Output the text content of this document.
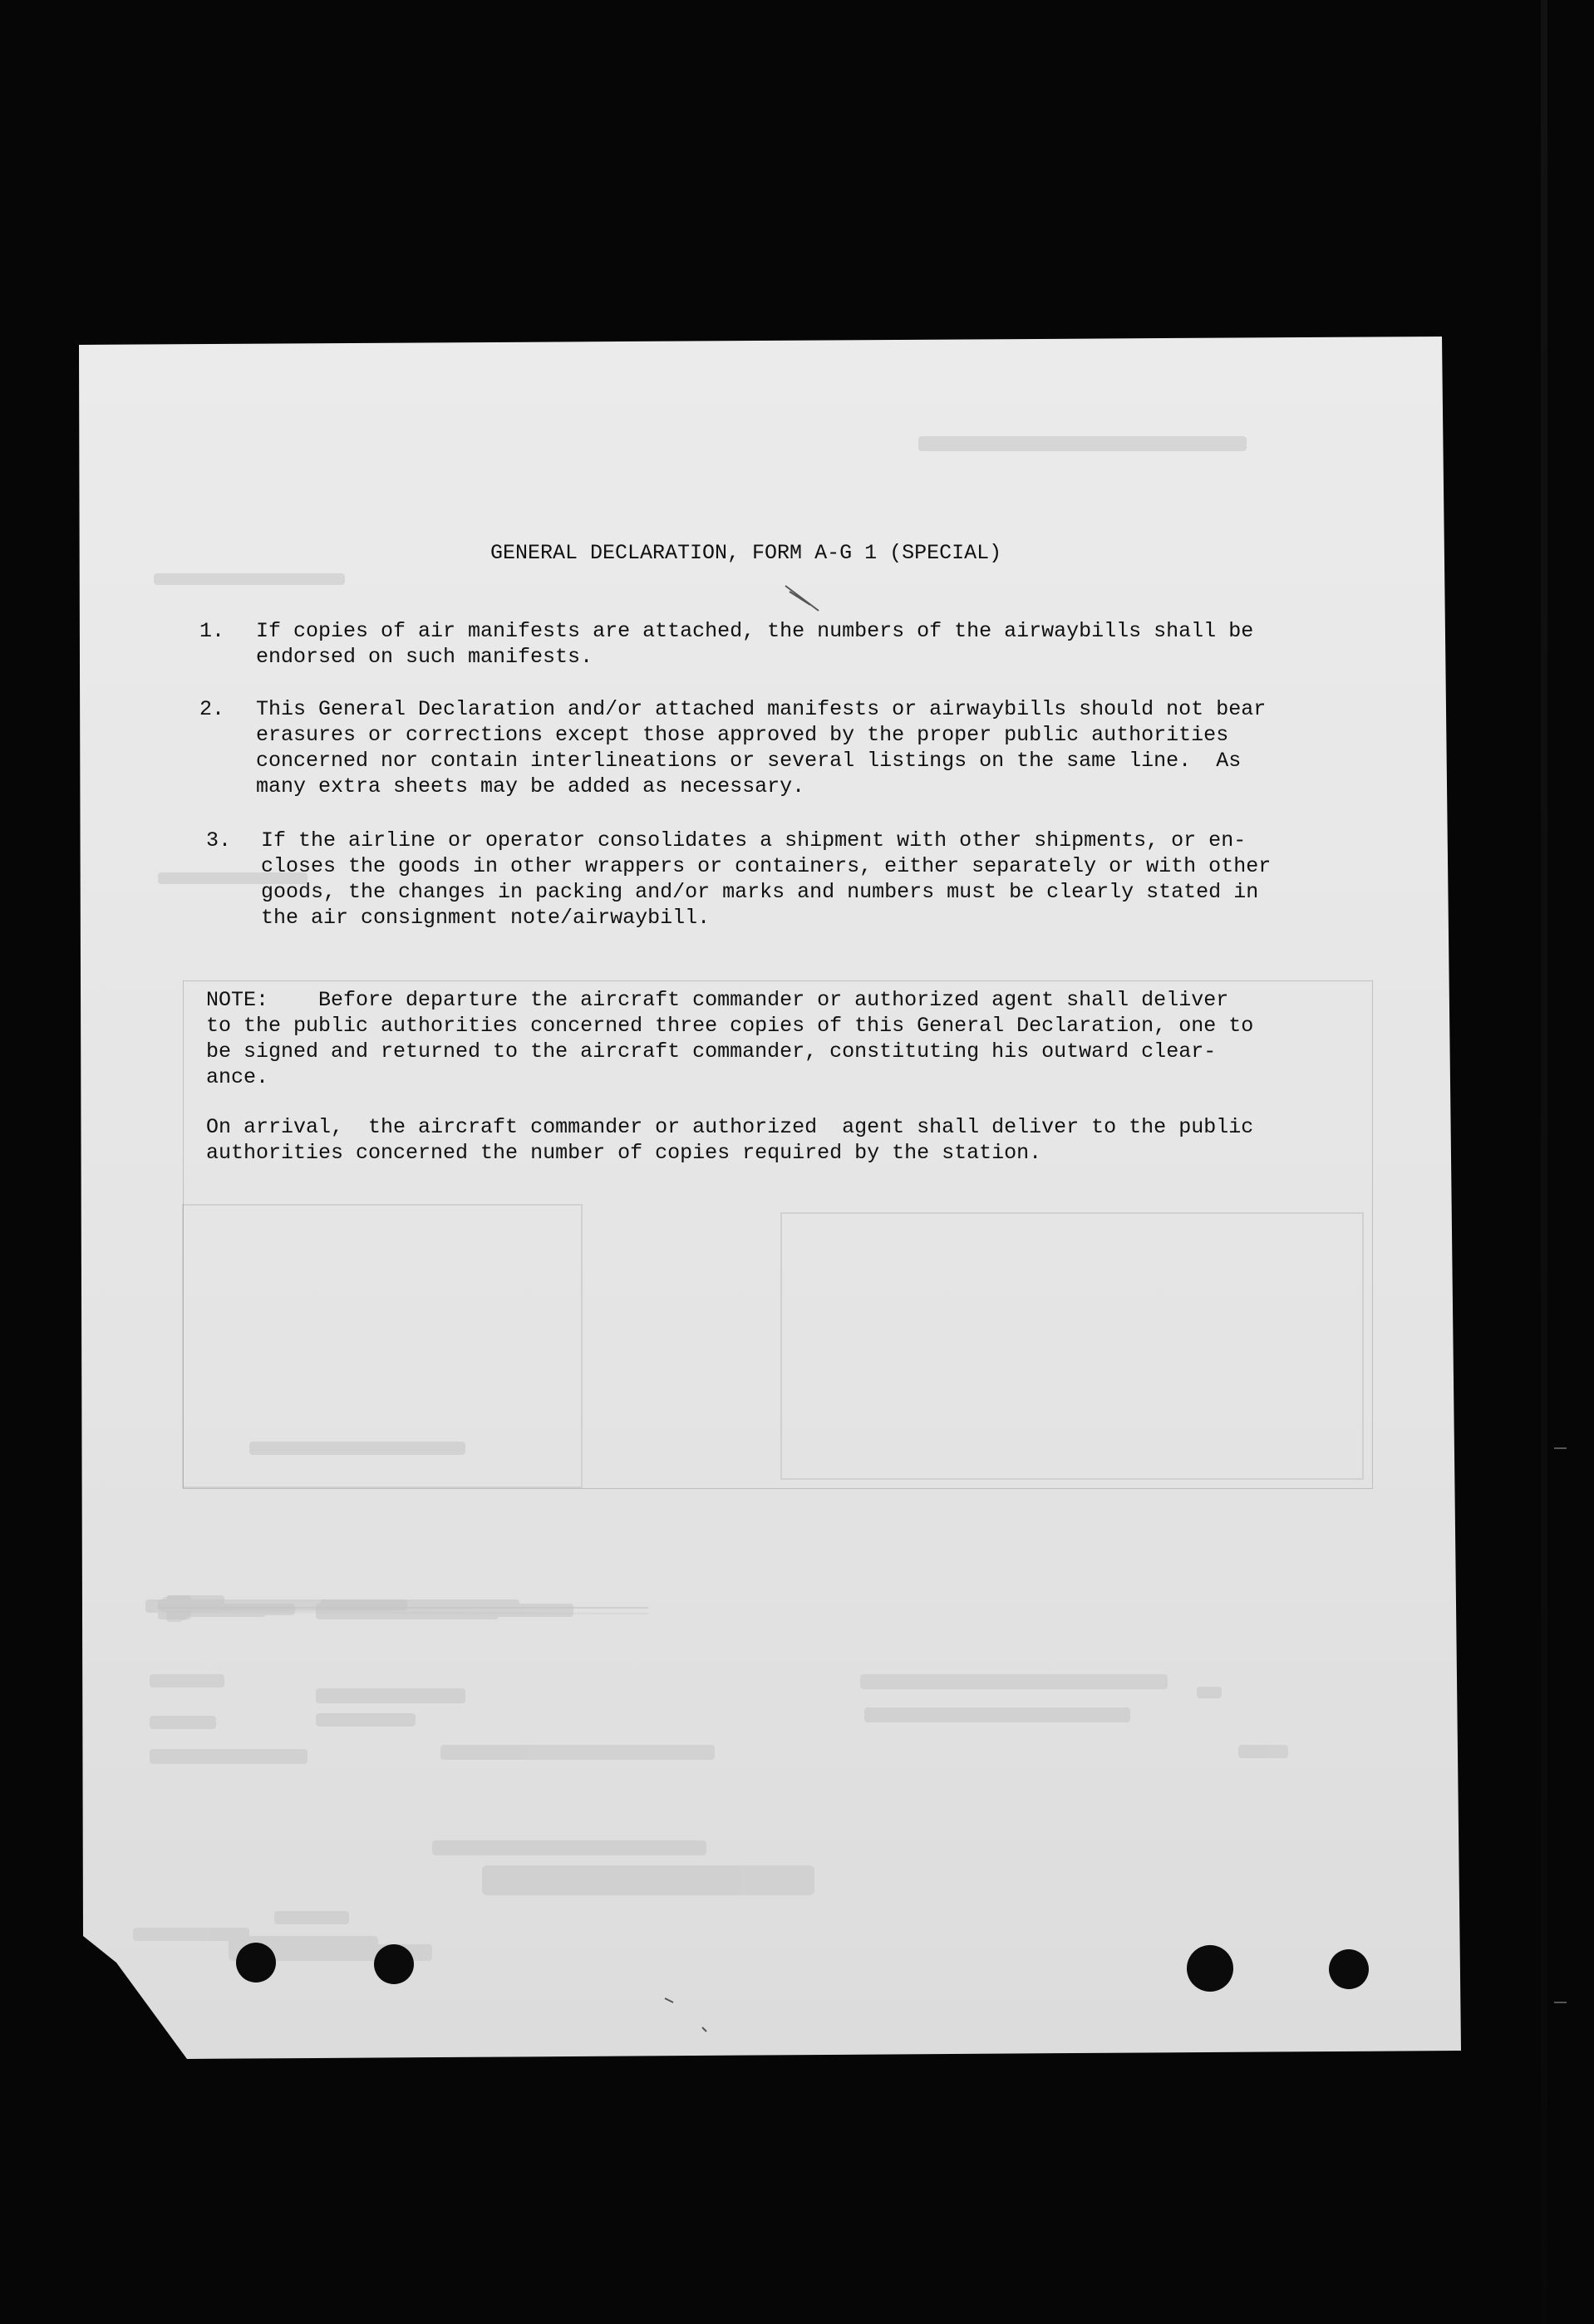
GENERAL DECLARATION, FORM A-G 1 (SPECIAL)
1. If copies of air manifests are attached, the numbers of the airwaybills shall be
endorsed on such manifests.
2. This General Declaration and/or attached manifests or airwaybills should not bear
erasures or corrections except those approved by the proper public authorities
concerned nor contain interlineations or several listings on the same line.  As
many extra sheets may be added as necessary.
3. If the airline or operator consolidates a shipment with other shipments, or en-
closes the goods in other wrappers or containers, either separately or with other
goods, the changes in packing and/or marks and numbers must be clearly stated in
the air consignment note/airwaybill.
NOTE:    Before departure the aircraft commander or authorized agent shall deliver
to the public authorities concerned three copies of this General Declaration, one to
be signed and returned to the aircraft commander, constituting his outward clear-
ance.
On arrival,  the aircraft commander or authorized  agent shall deliver to the public
authorities concerned the number of copies required by the station.
